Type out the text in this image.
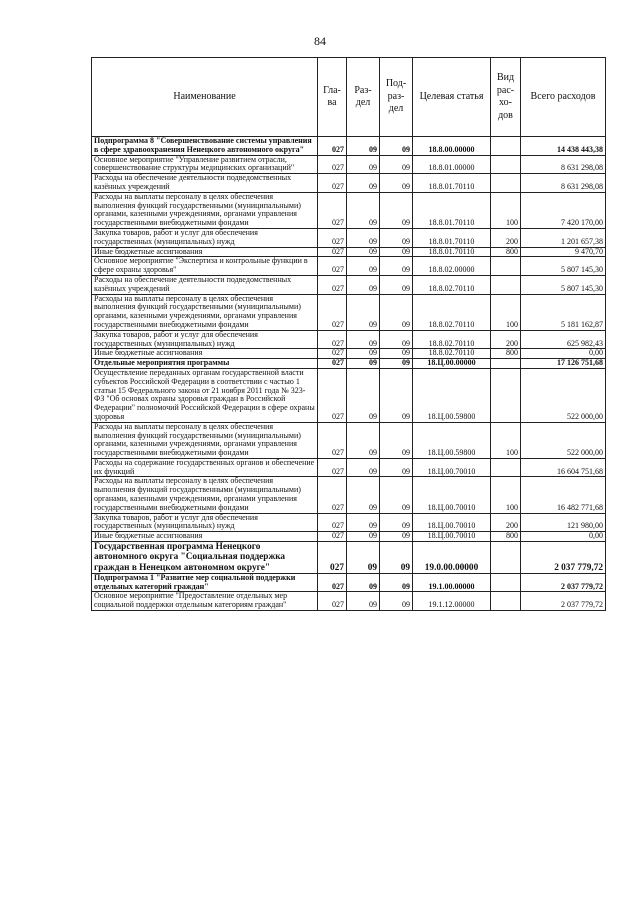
84
Наименование	Гла- ва	Раз- дел	Под- раз- дел	Целевая статья	Вид рас- хо- дов	Всего расходов
Подпрограмма 8 "Совершенствование системы управления в сфере здравоохранения Ненецкого автономного округа"	027	09	09	18.8.00.00000		14 438 443,38
Основное мероприятие "Управление развитием отрасли, совершенствование структуры медицинских организаций"	027	09	09	18.8.01.00000		8 631 298,08
Расходы на обеспечение деятельности подведомственных казённых учреждений	027	09	09	18.8.01.70110		8 631 298,08
Расходы на выплаты персоналу в целях обеспечения выполнения функций государственными (муниципальными) органами, казенными учреждениями, органами управления государственными внебюджетными фондами	027	09	09	18.8.01.70110	100	7 420 170,00
Закупка товаров, работ и услуг для обеспечения государственных (муниципальных) нужд	027	09	09	18.8.01.70110	200	1 201 657,38
Иные бюджетные ассигнования	027	09	09	18.8.01.70110	800	9 470,70
Основное мероприятие "Экспертиза и контрольные функции в сфере охраны здоровья"	027	09	09	18.8.02.00000		5 807 145,30
Расходы на обеспечение деятельности подведомственных казённых учреждений	027	09	09	18.8.02.70110		5 807 145,30
Расходы на выплаты персоналу в целях обеспечения выполнения функций государственными (муниципальными) органами, казенными учреждениями, органами управления государственными внебюджетными фондами	027	09	09	18.8.02.70110	100	5 181 162,87
Закупка товаров, работ и услуг для обеспечения государственных (муниципальных) нужд	027	09	09	18.8.02.70110	200	625 982,43
Иные бюджетные ассигнования	027	09	09	18.8.02.70110	800	0,00
Отдельные мероприятия программы	027	09	09	18.Ц.00.00000		17 126 751,68
Осуществление переданных органам государственной власти субъектов Российской Федерации в соответствии с частью 1 статьи 15 Федерального закона от 21 ноября 2011 года № 323-ФЗ "Об основах охраны здоровья граждан в Российской Федерации" полномочий Российской Федерации в сфере охраны здоровья	027	09	09	18.Ц.00.59800		522 000,00
Расходы на выплаты персоналу в целях обеспечения выполнения функций государственными (муниципальными) органами, казенными учреждениями, органами управления государственными внебюджетными фондами	027	09	09	18.Ц.00.59800	100	522 000,00
Расходы на содержание государственных органов и обеспечение их функций	027	09	09	18.Ц.00.70010		16 604 751,68
Расходы на выплаты персоналу в целях обеспечения выполнения функций государственными (муниципальными) органами, казенными учреждениями, органами управления государственными внебюджетными фондами	027	09	09	18.Ц.00.70010	100	16 482 771,68
Закупка товаров, работ и услуг для обеспечения государственных (муниципальных) нужд	027	09	09	18.Ц.00.70010	200	121 980,00
Иные бюджетные ассигнования	027	09	09	18.Ц.00.70010	800	0,00
Государственная программа Ненецкого автономного округа "Социальная поддержка граждан в Ненецком автономном округе"	027	09	09	19.0.00.00000		2 037 779,72
Подпрограмма 1 "Развитие мер социальной поддержки отдельных категорий граждан"	027	09	09	19.1.00.00000		2 037 779,72
Основное мероприятие "Предоставление отдельных мер социальной поддержки отдельным категориям граждан"	027	09	09	19.1.12.00000		2 037 779,72
